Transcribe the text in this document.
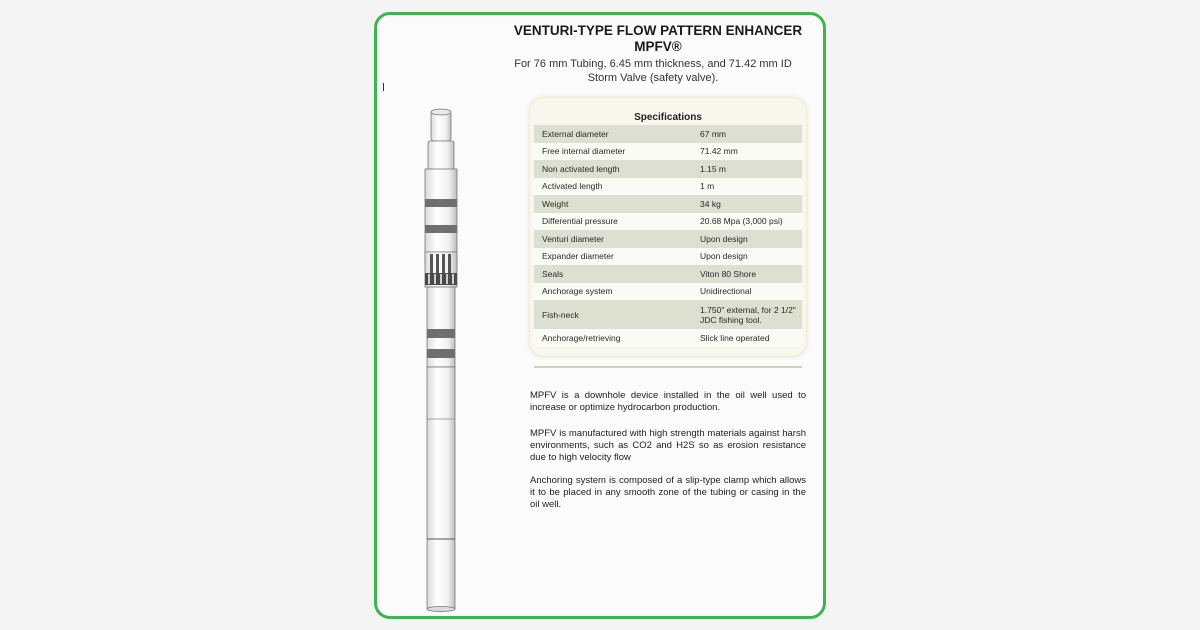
VENTURI-TYPE FLOW PATTERN ENHANCER
MPFV®
For 76 mm Tubing, 6.45 mm thickness, and 71.42 mm ID
Storm Valve (safety valve).
Specifications
External diameter	67 mm
Free internal diameter	71.42 mm
Non activated length	1.15 m
Activated length	1 m
Weight	34 kg
Differential pressure	20.68 Mpa (3,000 psi)
Venturi diameter	Upon design
Expander diameter	Upon design
Seals	Viton 80 Shore
Anchorage system	Unidirectional
Fish-neck	1.750" external, for 2 1/2" JDC fishing tool.
Anchorage/retrieving	Slick line operated
MPFV is a downhole device installed in the oil well used to increase or optimize hydrocarbon production.
MPFV is manufactured with high strength materials against harsh environments, such as CO2 and H2S so as erosion resistance due to high velocity flow
Anchoring system is composed of a slip-type clamp which allows it to be placed in any smooth zone of the tubing or casing in the oil well.
